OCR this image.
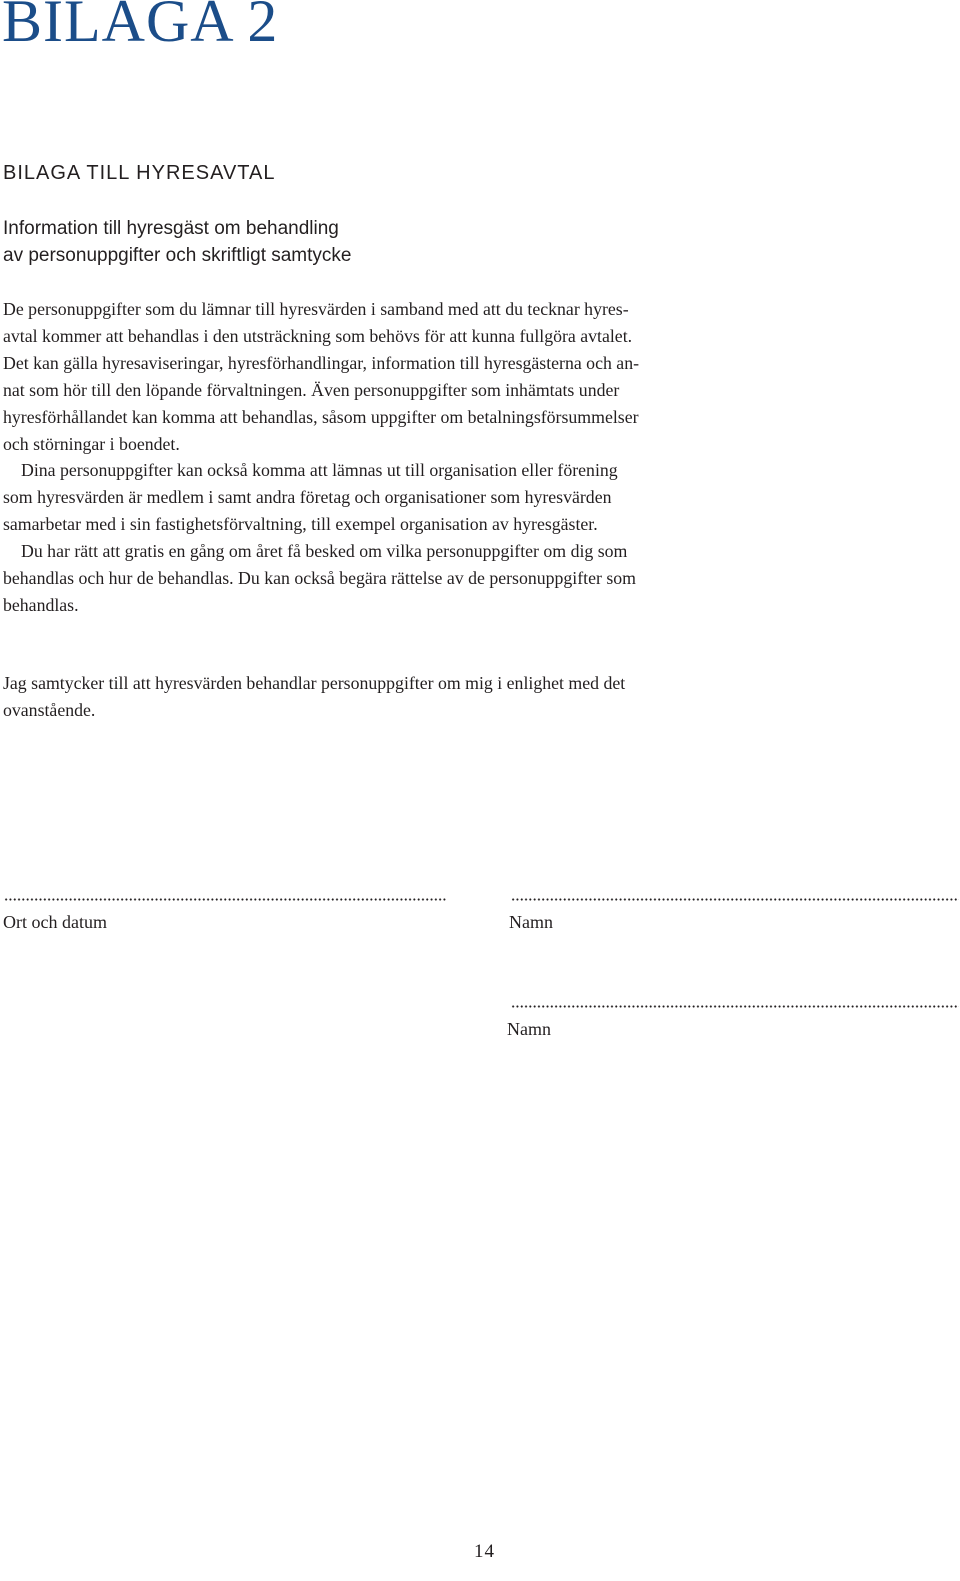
BILAGA 2
BILAGA TILL HYRESAVTAL
Information till hyresgäst om behandling
av personuppgifter och skriftligt samtycke
De personuppgifter som du lämnar till hyresvärden i samband med att du tecknar hyres-
avtal kommer att behandlas i den utsträckning som behövs för att kunna fullgöra avtalet.
Det kan gälla hyresaviseringar, hyresförhandlingar, information till hyresgästerna och an-
nat som hör till den löpande förvaltningen. Även personuppgifter som inhämtats under
hyresförhållandet kan komma att behandlas, såsom uppgifter om betalningsförsummelser
och störningar i boendet.
Dina personuppgifter kan också komma att lämnas ut till organisation eller förening
som hyresvärden är medlem i samt andra företag och organisationer som hyresvärden
samarbetar med i sin fastighetsförvaltning, till exempel organisation av hyresgäster.
Du har rätt att gratis en gång om året få besked om vilka personuppgifter om dig som
behandlas och hur de behandlas. Du kan också begära rättelse av de personuppgifter som
behandlas.
Jag samtycker till att hyresvärden behandlar personuppgifter om mig i enlighet med det
ovanstående.
Ort och datum	Namn
Namn
14
